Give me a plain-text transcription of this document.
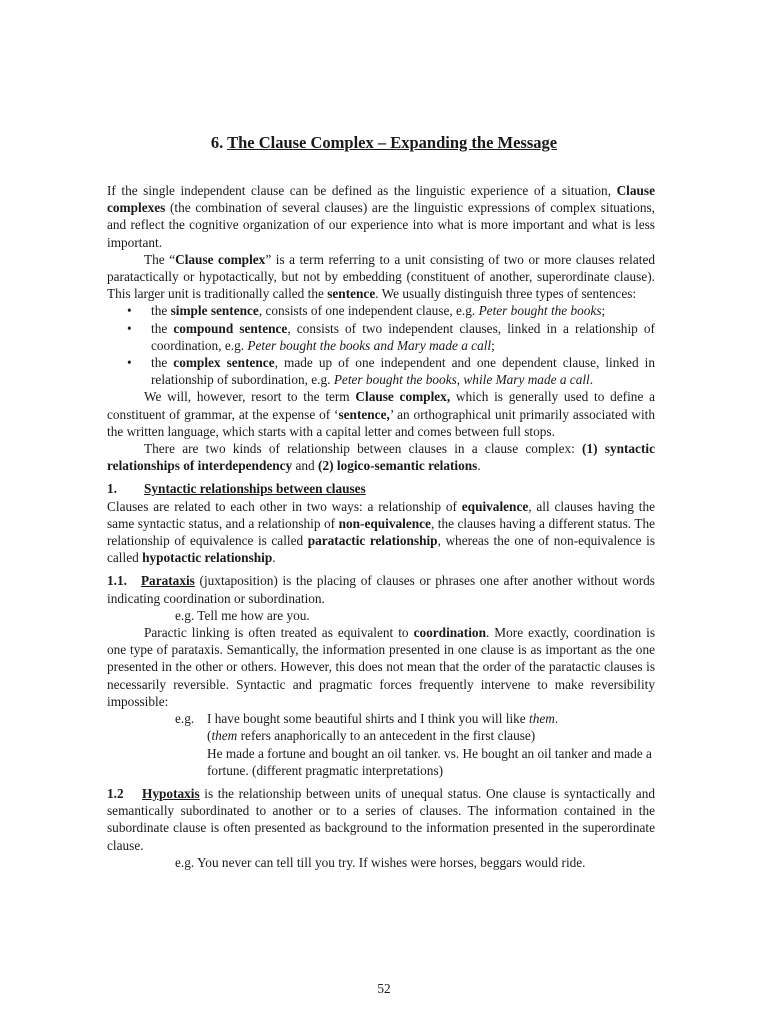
6. The Clause Complex – Expanding the Message

If the single independent clause can be defined as the linguistic experience of a situation, Clause complexes (the combination of several clauses) are the linguistic expressions of complex situations, and reflect the cognitive organization of our experience into what is more important and what is less important.

The “Clause complex” is a term referring to a unit consisting of two or more clauses related paratactically or hypotactically, but not by embedding (constituent of another, superordinate clause). This larger unit is traditionally called the sentence. We usually distinguish three types of sentences:

• the simple sentence, consists of one independent clause, e.g. Peter bought the books;
• the compound sentence, consists of two independent clauses, linked in a relationship of coordination, e.g. Peter bought the books and Mary made a call;
• the complex sentence, made up of one independent and one dependent clause, linked in relationship of subordination, e.g. Peter bought the books, while Mary made a call.

We will, however, resort to the term Clause complex, which is generally used to define a constituent of grammar, at the expense of ‘sentence,’ an orthographical unit primarily associated with the written language, which starts with a capital letter and comes between full stops.

There are two kinds of relationship between clauses in a clause complex: (1) syntactic relationships of interdependency and (2) logico-semantic relations.

1. Syntactic relationships between clauses

Clauses are related to each other in two ways: a relationship of equivalence, all clauses having the same syntactic status, and a relationship of non-equivalence, the clauses having a different status. The relationship of equivalence is called paratactic relationship, whereas the one of non-equivalence is called hypotactic relationship.

1.1. Parataxis (juxtaposition) is the placing of clauses or phrases one after another without words indicating coordination or subordination.

e.g. Tell me how are you.

Paractic linking is often treated as equivalent to coordination. More exactly, coordination is one type of parataxis. Semantically, the information presented in one clause is as important as the one presented in the other or others. However, this does not mean that the order of the paratactic clauses is necessarily reversible. Syntactic and pragmatic forces frequently intervene to make reversibility impossible:

e.g. I have bought some beautiful shirts and I think you will like them.

(them refers anaphorically to an antecedent in the first clause)

He made a fortune and bought an oil tanker. vs. He bought an oil tanker and made a fortune. (different pragmatic interpretations)

1.2 Hypotaxis is the relationship between units of unequal status. One clause is syntactically and semantically subordinated to another or to a series of clauses. The information contained in the subordinate clause is often presented as background to the information presented in the superordinate clause.

e.g. You never can tell till you try. If wishes were horses, beggars would ride.

52
